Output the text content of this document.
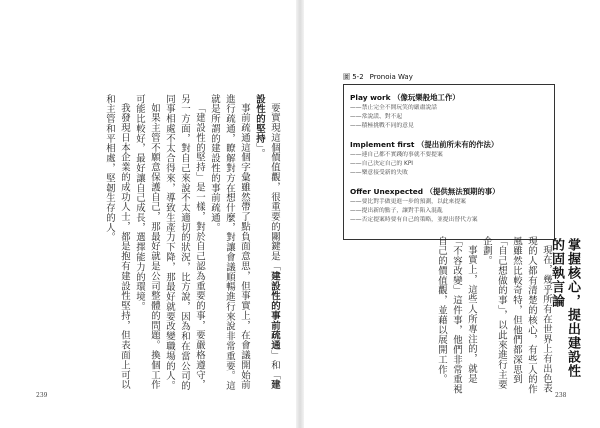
要實現這個價值觀，很重要的關鍵是「建設性的事前疏通」和「建設性的堅持」。

事前疏通這個字彙雖然帶了點負面意思，但事實上，在會議開始前進行疏通，瞭解對方在想什麼，對讓會議順暢進行來說非常重要。這就是所謂的建設性的事前疏通。

「建設性的堅持」是一樣，對於自己認為重要的事，要嚴格遵守，另一方面，對自己來說不太適切的狀況，比方說，因為和在當公司的同事相處不太合得來，導致生產力下降，那最好就要改變職場的人。

如果主管不願意保護自己，那最好就是公司整體的問題。換個工作可能比較好，最好讓自己成長，選擇能力的環境。

我發現日本企業的成功人士，都是抱有建設性堅持，但表面上可以和主管和平相處，堅韌生存的人。

239
圖 5-2 Pronoia Way
Play work （像玩樂般地工作）
——禁止完全不開玩笑的嚴肅說話
——常說謊、對不起
——積極挑戰不同的意見
Implement first （提出前所未有的作法）
——連自己都不實踐的事就不要提案
——自己決定自己的 KPI
——樂意接受新的失敗
Offer Unexpected （提供無法預期的事）
——要比對手做更進一步的預測，以此來提案
——提出新的點子，讓對手陷入混亂
——否定提案時要有自己的策略，並提出替代方案

掌握核心，提出建設性

的固執言論

現在，幾乎所有在世界上有出色表現的人都有清楚的核心，有些人的作風雖然比較奇特，但他們都深思到「自己想做的事」，以此來進行主要企劃。

事實上，這些人所專注的，就是「不容改變」這件事，他們非常重視自己的價值觀，並藉以展開工作。

238
